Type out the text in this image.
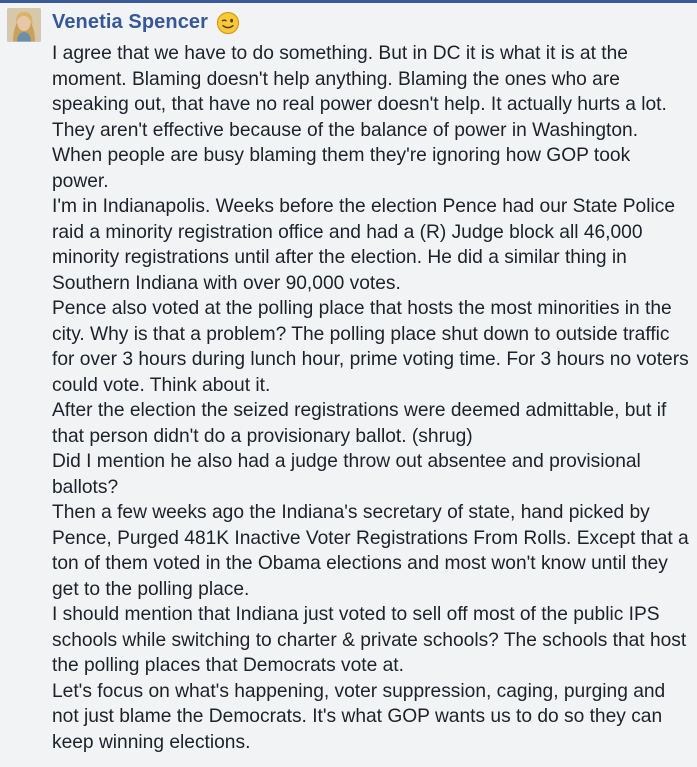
Venetia Spencer

I agree that we have to do something. But in DC it is what it is at the moment. Blaming doesn't help anything. Blaming the ones who are speaking out, that have no real power doesn't help. It actually hurts a lot. They aren't effective because of the balance of power in Washington. When people are busy blaming them they're ignoring how GOP took power.

I'm in Indianapolis. Weeks before the election Pence had our State Police raid a minority registration office and had a (R) Judge block all 46,000 minority registrations until after the election. He did a similar thing in Southern Indiana with over 90,000 votes.

Pence also voted at the polling place that hosts the most minorities in the city. Why is that a problem? The polling place shut down to outside traffic for over 3 hours during lunch hour, prime voting time. For 3 hours no voters could vote. Think about it.

After the election the seized registrations were deemed admittable, but if that person didn't do a provisionary ballot. (shrug)

Did I mention he also had a judge throw out absentee and provisional ballots?

Then a few weeks ago the Indiana's secretary of state, hand picked by Pence, Purged 481K Inactive Voter Registrations From Rolls. Except that a ton of them voted in the Obama elections and most won't know until they get to the polling place.

I should mention that Indiana just voted to sell off most of the public IPS schools while switching to charter & private schools? The schools that host the polling places that Democrats vote at.

Let's focus on what's happening, voter suppression, caging, purging and not just blame the Democrats. It's what GOP wants us to do so they can keep winning elections.
